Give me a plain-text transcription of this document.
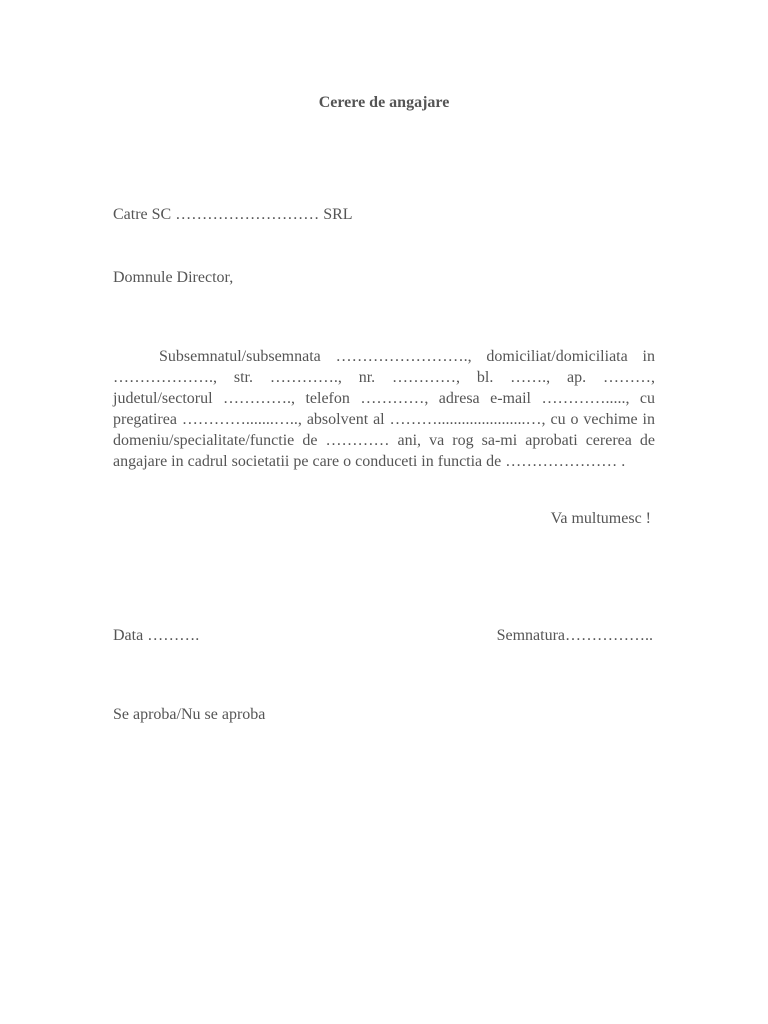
Cerere de angajare
Catre SC ……………………… SRL
Domnule Director,
Subsemnatul/subsemnata ……………………., domiciliat/domiciliata in ………………., str. …………., nr. …………, bl. ……., ap. ………, judetul/sectorul …………., telefon …………, adresa e-mail …………....., cu pregatirea ………….......….., absolvent al ………......................…, cu o vechime in domeniu/specialitate/functie de ………… ani, va rog sa-mi aprobati cererea de angajare in cadrul societatii pe care o conduceti in functia de ………………… .
Va multumesc !
Data ……….	Semnatura……………..
Se aproba/Nu se aproba
